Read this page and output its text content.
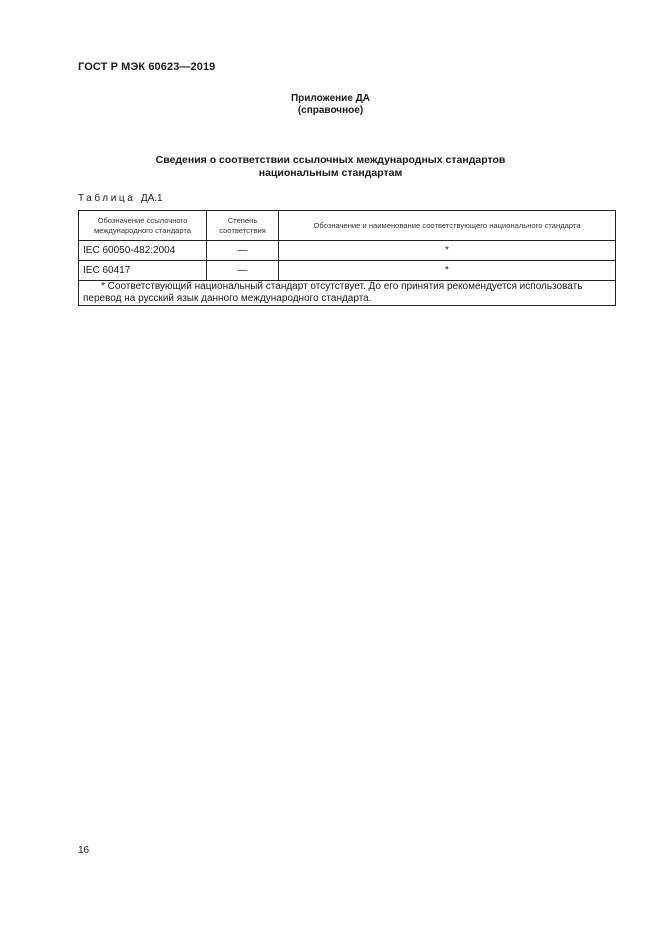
ГОСТ Р МЭК 60623—2019
Приложение ДА
(справочное)
Сведения о соответствии ссылочных международных стандартов
национальным стандартам
Таблица ДА.1
Обозначение ссылочного международного стандарта	Степень соответствия	Обозначение и наименование соответствующего национального стандарта
IEC 60050-482:2004	—	*
IEC 60417	—	*
* Соответствующий национальный стандарт отсутствует. До его принятия рекомендуется использовать перевод на русский язык данного международного стандарта.		
16
